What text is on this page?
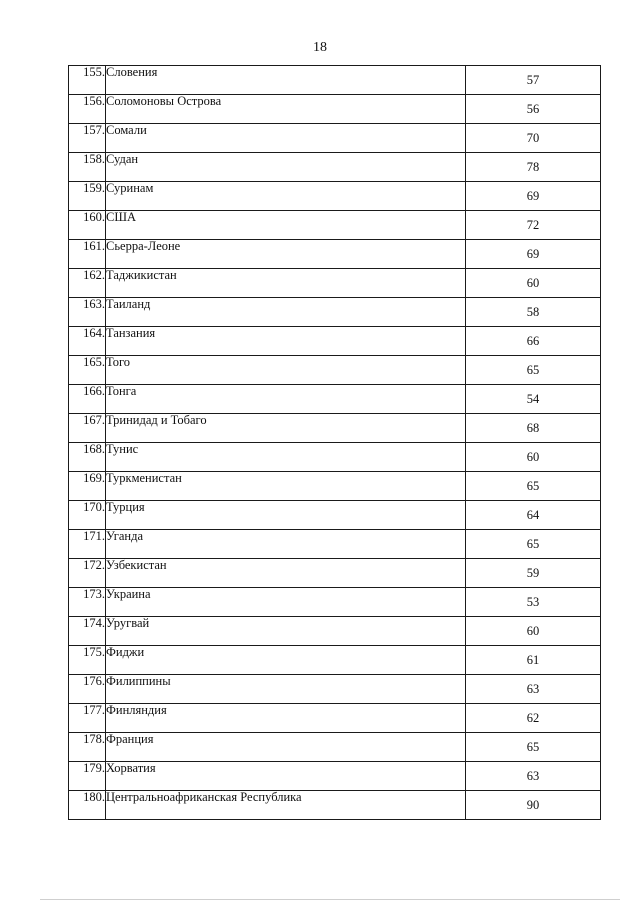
18
155.	Словения	57
156.	Соломоновы Острова	56
157.	Сомали	70
158.	Судан	78
159.	Суринам	69
160.	США	72
161.	Сьерра-Леоне	69
162.	Таджикистан	60
163.	Таиланд	58
164.	Танзания	66
165.	Того	65
166.	Тонга	54
167.	Тринидад и Тобаго	68
168.	Тунис	60
169.	Туркменистан	65
170.	Турция	64
171.	Уганда	65
172.	Узбекистан	59
173.	Украина	53
174.	Уругвай	60
175.	Фиджи	61
176.	Филиппины	63
177.	Финляндия	62
178.	Франция	65
179.	Хорватия	63
180.	Центральноафриканская Республика	90
